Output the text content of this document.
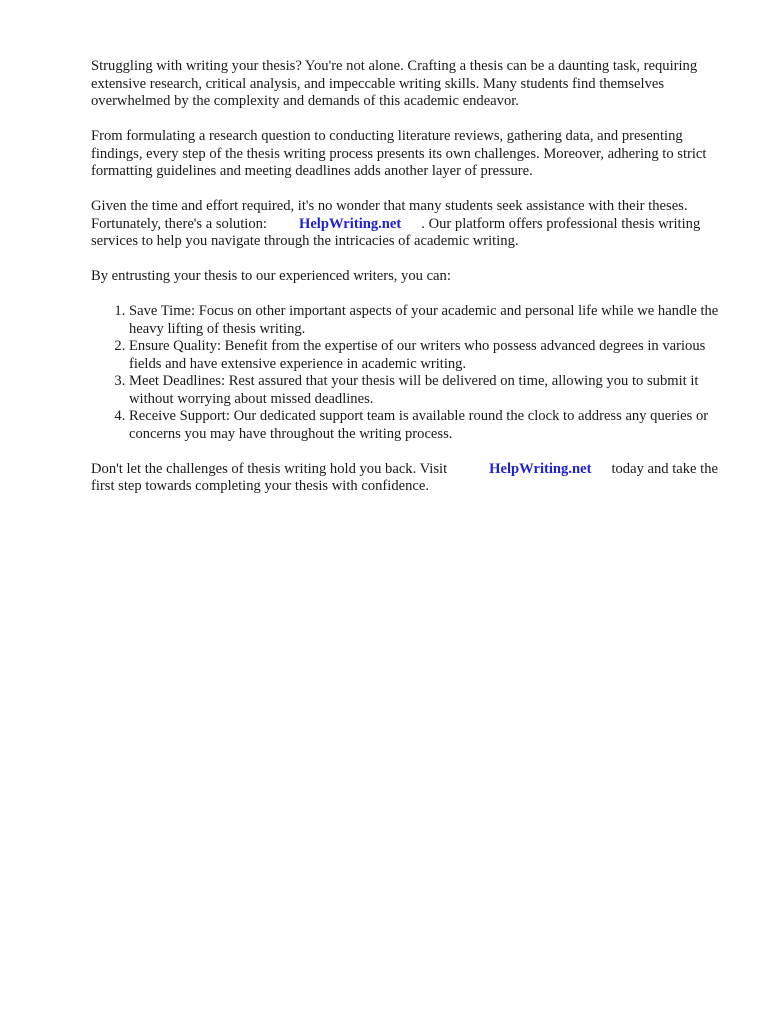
Struggling with writing your thesis? You're not alone. Crafting a thesis can be a daunting task, requiring extensive research, critical analysis, and impeccable writing skills. Many students find themselves overwhelmed by the complexity and demands of this academic endeavor.

From formulating a research question to conducting literature reviews, gathering data, and presenting findings, every step of the thesis writing process presents its own challenges. Moreover, adhering to strict formatting guidelines and meeting deadlines adds another layer of pressure.

Given the time and effort required, it's no wonder that many students seek assistance with their theses. Fortunately, there's a solution: HelpWriting.net . Our platform offers professional thesis writing services to help you navigate through the intricacies of academic writing.

By entrusting your thesis to our experienced writers, you can:

1. Save Time: Focus on other important aspects of your academic and personal life while we handle the heavy lifting of thesis writing.
2. Ensure Quality: Benefit from the expertise of our writers who possess advanced degrees in various fields and have extensive experience in academic writing.
3. Meet Deadlines: Rest assured that your thesis will be delivered on time, allowing you to submit it without worrying about missed deadlines.
4. Receive Support: Our dedicated support team is available round the clock to address any queries or concerns you may have throughout the writing process.

Don't let the challenges of thesis writing hold you back. Visit	HelpWriting.net today and take the first step towards completing your thesis with confidence.
